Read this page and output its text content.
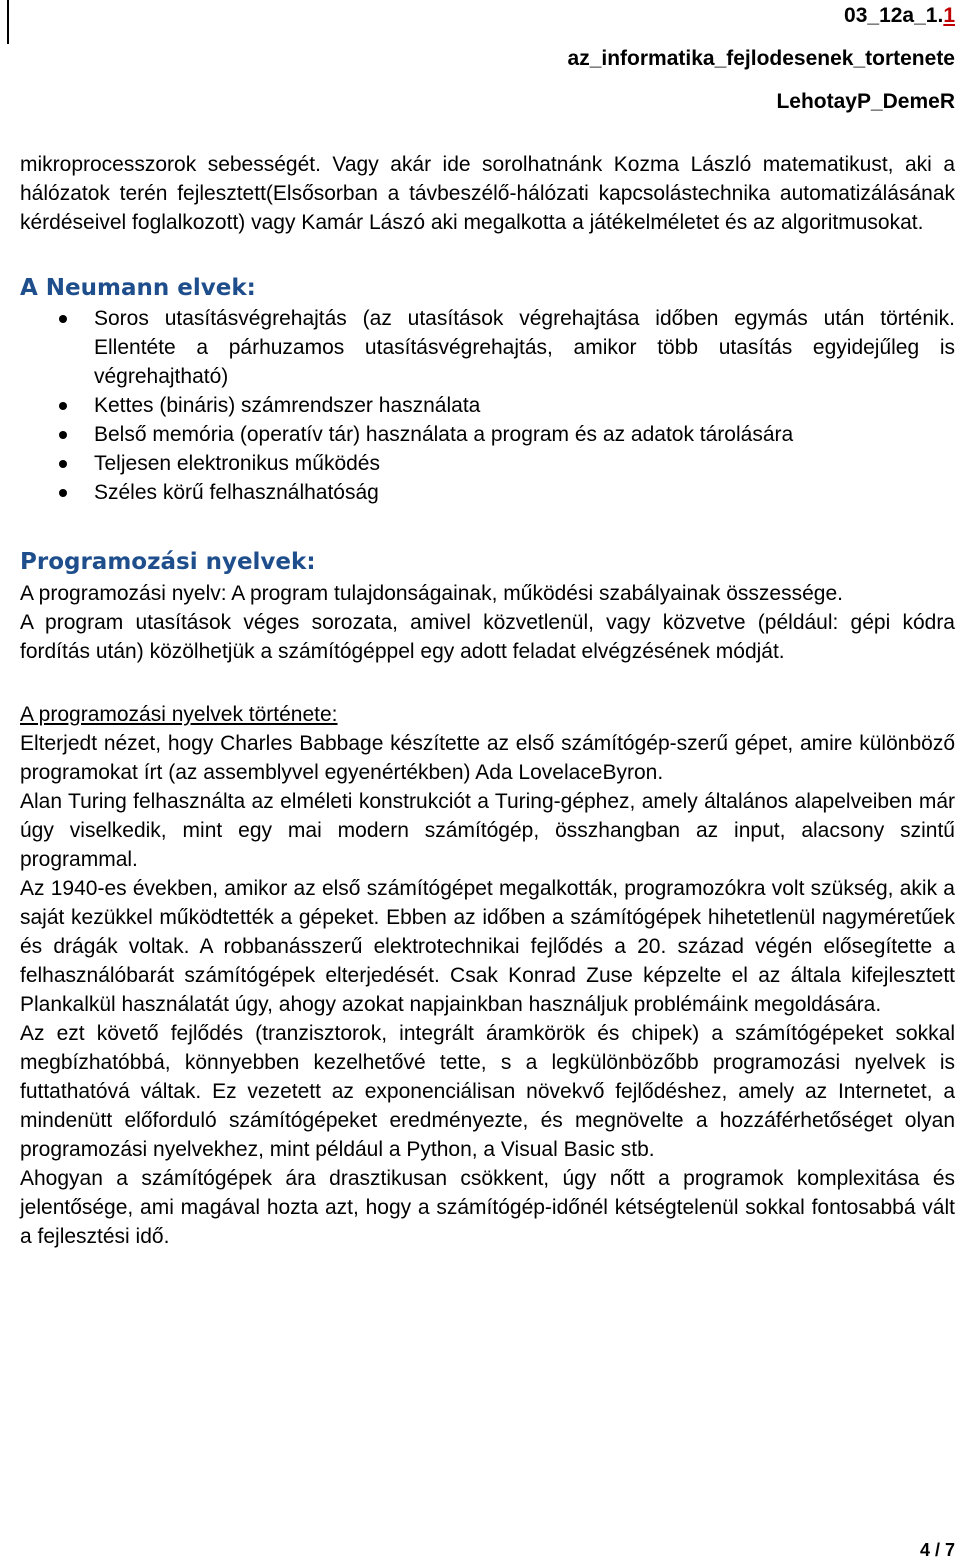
03_12a_1.1
az_informatika_fejlodesenek_tortenete
LehotayP_DemeR

mikroprocesszorok sebességét. Vagy akár ide sorolhatnánk Kozma László matematikust, aki a hálózatok terén fejlesztett(Elsősorban a távbeszélő-hálózati kapcsolástechnika automatizálásának kérdéseivel foglalkozott) vagy Kamár Lászó aki megalkotta a játékelméletet és az algoritmusokat.

A Neumann elvek:
Soros utasításvégrehajtás (az utasítások végrehajtása időben egymás után történik. Ellentéte a párhuzamos utasításvégrehajtás, amikor több utasítás egyidejűleg is végrehajtható)
Kettes (bináris) számrendszer használata
Belső memória (operatív tár) használata a program és az adatok tárolására
Teljesen elektronikus működés
Széles körű felhasználhatóság
Programozási nyelvek:

A programozási nyelv: A program tulajdonságainak, működési szabályainak összessége.

A program utasítások véges sorozata, amivel közvetlenül, vagy közvetve (például: gépi kódra fordítás után) közölhetjük a számítógéppel egy adott feladat elvégzésének módját.

A programozási nyelvek története:

Elterjedt nézet, hogy Charles Babbage készítette az első számítógép-szerű gépet, amire különböző programokat írt (az assemblyvel egyenértékben) Ada LovelaceByron.

Alan Turing felhasználta az elméleti konstrukciót a Turing-géphez, amely általános alapelveiben már úgy viselkedik, mint egy mai modern számítógép, összhangban az input, alacsony szintű programmal.

Az 1940-es években, amikor az első számítógépet megalkották, programozókra volt szükség, akik a saját kezükkel működtették a gépeket. Ebben az időben a számítógépek hihetetlenül nagyméretűek és drágák voltak. A robbanásszerű elektrotechnikai fejlődés a 20. század végén elősegítette a felhasználóbarát számítógépek elterjedését. Csak Konrad Zuse képzelte el az általa kifejlesztett Plankalkül használatát úgy, ahogy azokat napjainkban használjuk problémáink megoldására.

Az ezt követő fejlődés (tranzisztorok, integrált áramkörök és chipek) a számítógépeket sokkal megbízhatóbbá, könnyebben kezelhetővé tette, s a legkülönbözőbb programozási nyelvek is futtathatóvá váltak. Ez vezetett az exponenciálisan növekvő fejlődéshez, amely az Internetet, a mindenütt előforduló számítógépeket eredményezte, és megnövelte a hozzáférhetőséget olyan programozási nyelvekhez, mint például a Python, a Visual Basic stb.

Ahogyan a számítógépek ára drasztikusan csökkent, úgy nőtt a programok komplexitása és jelentősége, ami magával hozta azt, hogy a számítógép-időnél kétségtelenül sokkal fontosabbá vált a fejlesztési idő.

4 / 7
